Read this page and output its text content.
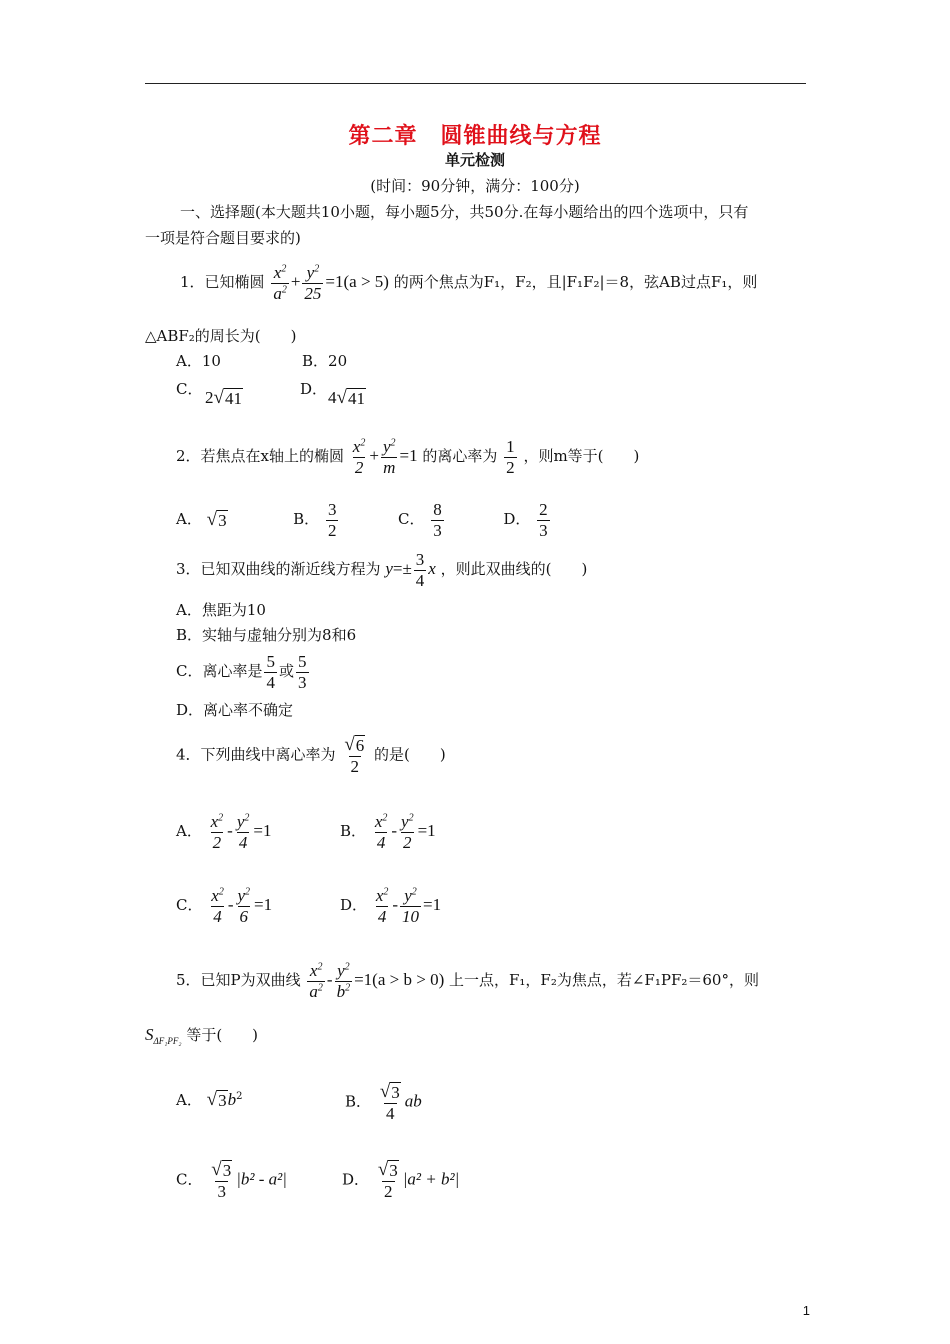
第二章　圆锥曲线与方程
单元检测
(时间：90分钟，满分：100分)
一、选择题(本大题共10小题，每小题5分，共50分.在每小题给出的四个选项中，只有
一项是符合题目要求的)
1．已知椭圆 $\frac{x^2}{a^2} + \frac{y^2}{25} =1(a > 5)$ 的两个焦点为F₁，F₂，且|F₁F₂|＝8，弦AB过点F₁，则
△ABF₂的周长为(　　)
A．10	B．20
C． 2 √ 41	D． 4 √ 41
2．若焦点在x轴上的椭圆 $\frac{x^2}{2} + \frac{y^2}{m} =1$ 的离心率为 $\frac{1}{2}$ ，则m等于(　　)
A． √ 3	B． $\frac{3}{2}$	C． $\frac{8}{3}$	D． $\frac{2}{3}$
3．已知双曲线的渐近线方程为 $y=\pm \frac{3}{4}$ x ，则此双曲线的(　　)
A．焦距为10
B．实轴与虚轴分别为8和6
C．离心率是 $\frac{5}{4}$ 或 $\frac{5}{3}$
D．离心率不确定
4．下列曲线中离心率为 $\frac{√ 6}{2}$ 的是(　　)
A． $\frac{x^2}{2} - \frac{y^2}{4} =1$	B． $\frac{x^2}{4} - \frac{y^2}{2} =1$
C． $\frac{x^2}{4} - \frac{y^2}{6} =1$	D． $\frac{x^2}{4} - \frac{y^2}{10} =1$
5．已知P为双曲线 $\frac{x^2}{a^2} - \frac{y^2}{b^2} =1(a > b > 0)$ 上一点，F₁，F₂为焦点，若∠F₁PF₂＝60°，则
$S_{\Delta F_1PF_2}$ 等于(　　)
A． √ 3 $b^2$	B． $\frac{√ 3}{4}$ ab
C． $\frac{√ 3}{3} |b^2 - a^2|$	D． $\frac{√ 3}{2} |a^2 + b^2|$
1
